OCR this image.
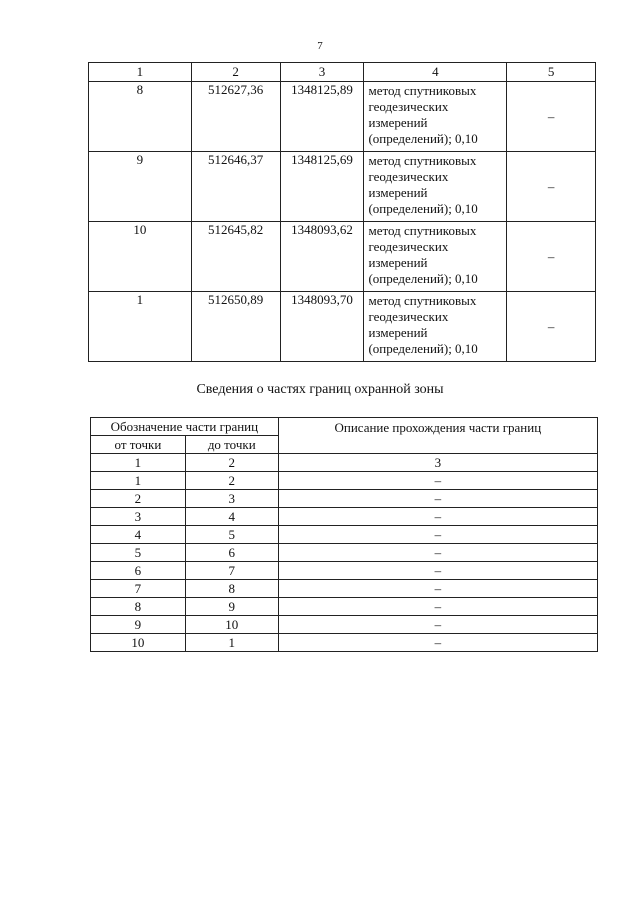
7
1	2	3	4	5
8	512627,36	1348125,89	метод спутниковых
геодезических
измерений
(определений); 0,10	–
9	512646,37	1348125,69	метод спутниковых
геодезических
измерений
(определений); 0,10	–
10	512645,82	1348093,62	метод спутниковых
геодезических
измерений
(определений); 0,10	–
1	512650,89	1348093,70	метод спутниковых
геодезических
измерений
(определений); 0,10	–
Сведения о частях границ охранной зоны
Обозначение части границ		Описание прохождения части границ
от точки	до точки	
1	2	3
1	2	–
2	3	–
3	4	–
4	5	–
5	6	–
6	7	–
7	8	–
8	9	–
9	10	–
10	1	–
